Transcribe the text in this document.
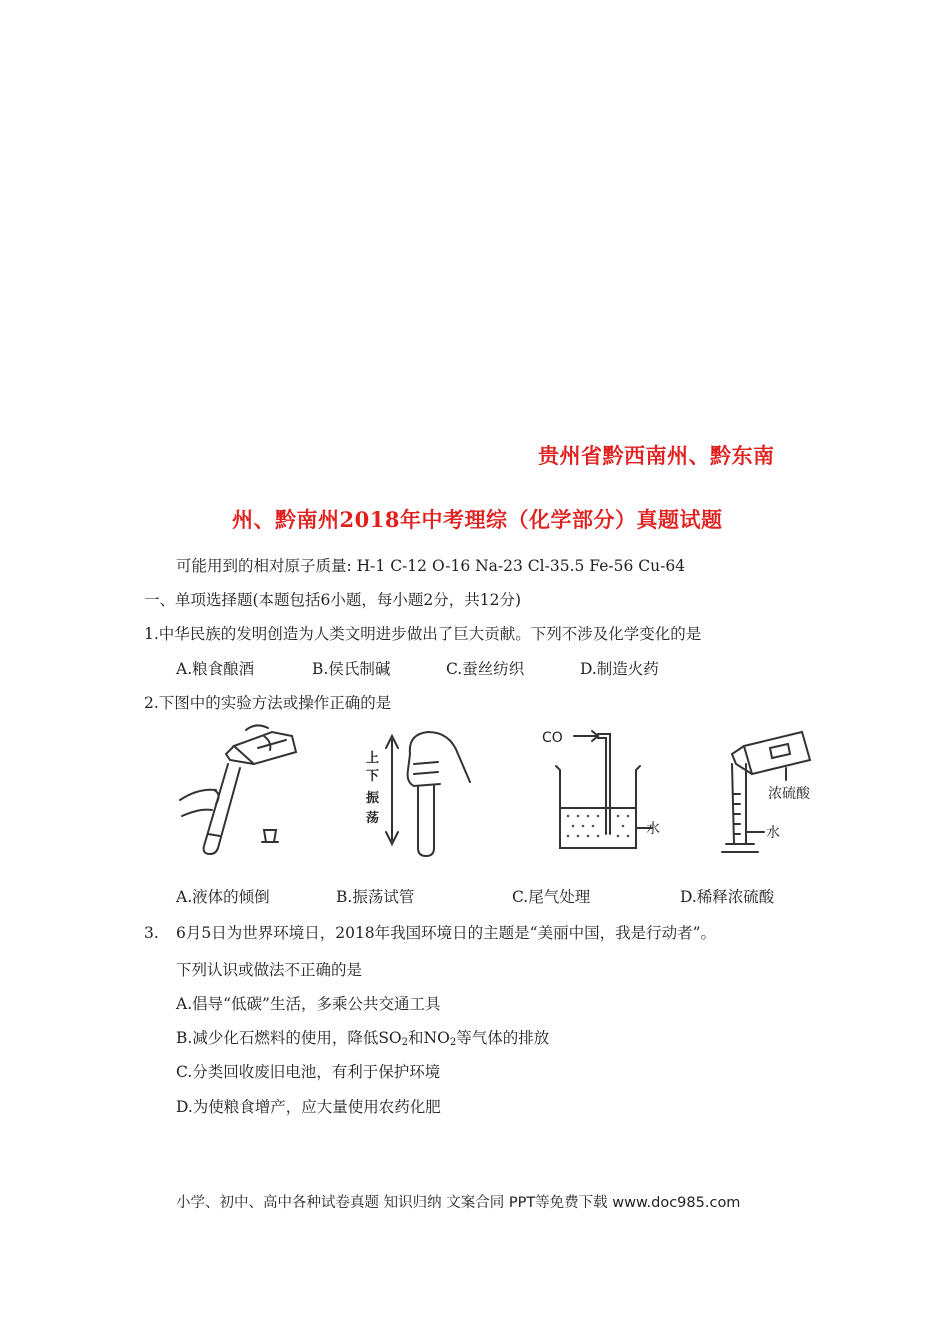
贵州省黔西南州、黔东南
州、黔南州2018年中考理综（化学部分）真题试题
可能用到的相对原子质量: H-1 C-12 O-16 Na-23 Cl-35.5 Fe-56 Cu-64
一、单项选择题(本题包括6小题，每小题2分，共12分)
1.中华民族的发明创造为人类文明进步做出了巨大贡献。下列不涉及化学变化的是
A.粮食酿酒	B.侯氏制碱	C.蚕丝纺织	D.制造火药
2.下图中的实验方法或操作正确的是
上
下
振
荡
CO
水
浓硫酸
水
A.液体的倾倒	B.振荡试管	C.尾气处理	D.稀释浓硫酸
3. 6月5日为世界环境日，2018年我国环境日的主题是“美丽中国，我是行动者”。
下列认识或做法不正确的是
A.倡导“低碳”生活，多乘公共交通工具
B.减少化石燃料的使用，降低$SO_2$和$NO_2$等气体的排放
C.分类回收废旧电池，有利于保护环境
D.为使粮食增产，应大量使用农药化肥
小学、初中、高中各种试卷真题 知识归纳 文案合同 PPT等免费下载 www.doc985.com
